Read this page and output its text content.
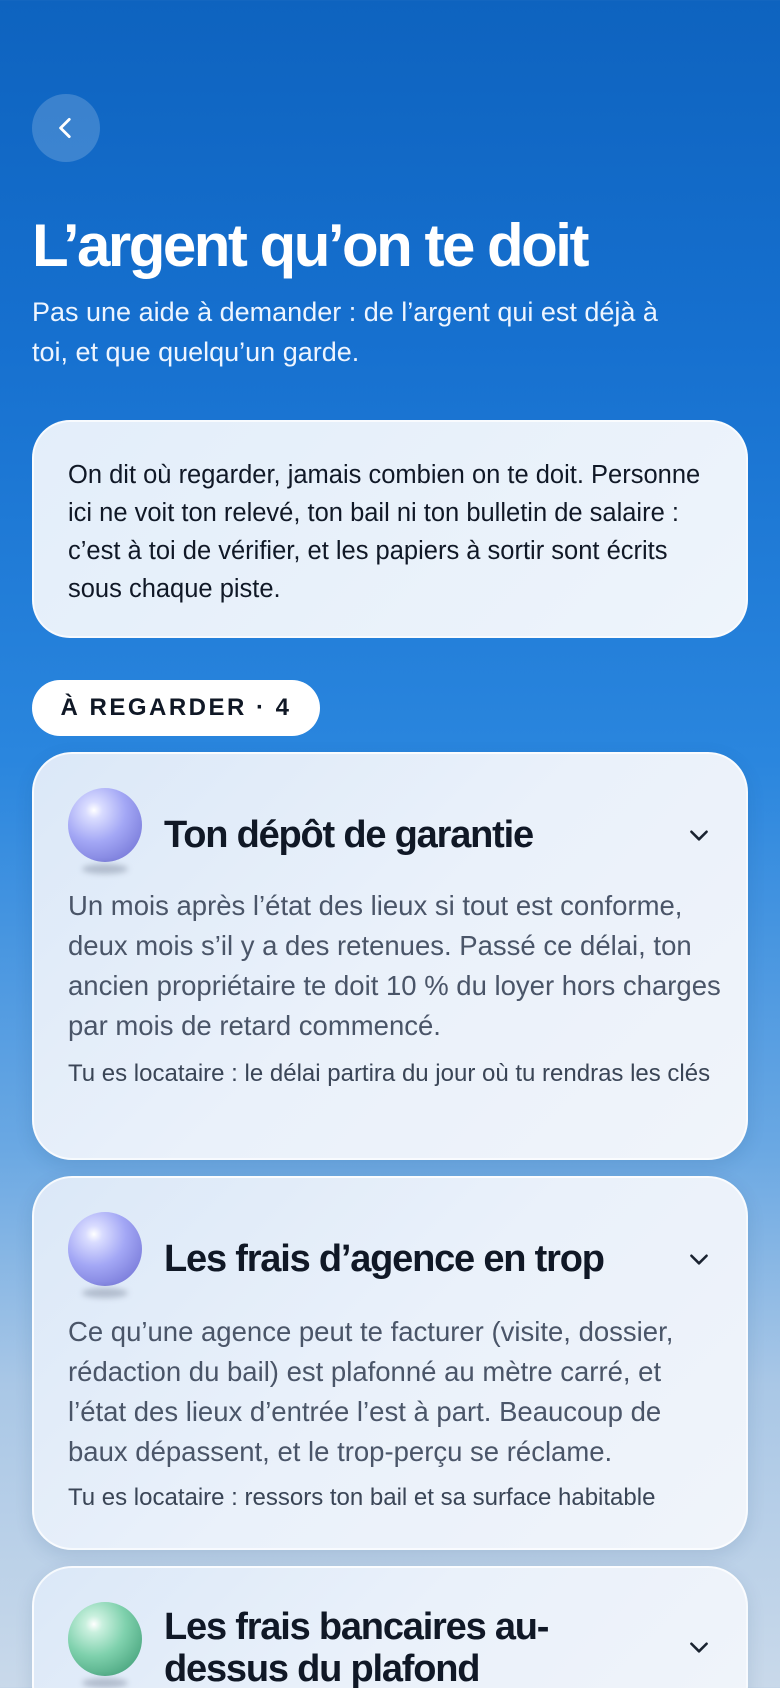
L’argent qu’on te doit

Pas une aide à demander : de l’argent qui est déjà à toi, et que quelqu’un garde.

On dit où regarder, jamais combien on te doit. Personne ici ne voit ton relevé, ton bail ni ton bulletin de salaire : c’est à toi de vérifier, et les papiers à sortir sont écrits sous chaque piste.

À REGARDER · 4
Ton dépôt de garantie

Un mois après l’état des lieux si tout est conforme, deux mois s’il y a des retenues. Passé ce délai, ton ancien propriétaire te doit 10 % du loyer hors charges par mois de retard commencé.

Tu es locataire : le délai partira du jour où tu rendras les clés

Les frais d’agence en trop

Ce qu’une agence peut te facturer (visite, dossier, rédaction du bail) est plafonné au mètre carré, et l’état des lieux d’entrée l’est à part. Beaucoup de baux dépassent, et le trop-perçu se réclame.

Tu es locataire : ressors ton bail et sa surface habitable

Les frais bancaires au-dessus du plafond
